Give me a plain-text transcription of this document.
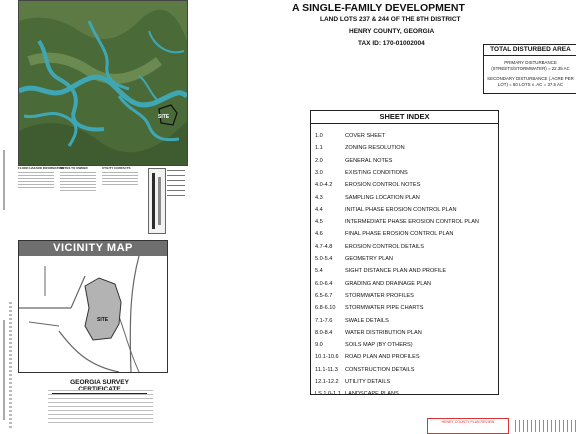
SITE
FLOOD HAZARD INFORMATION
NOTES TO OWNER	UTILITY CONTACTS
VICINITY MAP
SITE
GEORGIA SURVEY
A SINGLE-FAMILY DEVELOPMENT
LAND LOTS 237 & 244 OF THE 8TH DISTRICT
HENRY COUNTY, GEORGIA
TAX ID: 170-01002004
TOTAL DISTURBED AREA
PRIMARY DISTURBANCE (STREETS/STORMWATER) = 22.35 AC
SECONDARY DISTURBANCE (.ACRE PER LOT) = 50 LOTS x .AC = 37.5 AC
SHEET INDEX
1.0	COVER SHEET
1.1	ZONING RESOLUTION
2.0	GENERAL NOTES
3.0	EXISTING CONDITIONS
4.0-4.2 EROSION CONTROL NOTES
4.3	SAMPLING LOCATION PLAN
4.4	INITIAL PHASE EROSION CONTROL PLAN
4.5	INTERMEDIATE PHASE EROSION CONTROL PLAN
4.6	FINAL PHASE EROSION CONTROL PLAN
4.7-4.8 EROSION CONTROL DETAILS
5.0-5.4 GEOMETRY PLAN
5.4	SIGHT DISTANCE PLAN AND PROFILE
6.0-6.4 GRADING AND DRAINAGE PLAN
6.5-6.7 STORMWATER PROFILES
6.8-6.10 STORMWATER PIPE CHARTS
7.1-7.6 SWALE DETAILS
8.0-8.4 WATER DISTRIBUTION PLAN
9.0	SOILS MAP (BY OTHERS)
10.1-10.6 ROAD PLAN AND PROFILES
11.1-11.3 CONSTRUCTION DETAILS
12.1-12.2 UTILITY DETAILS
LS 1.0-1.1 LANDSCAPE PLANS
HENRY COUNTY PLAN REVIEW
